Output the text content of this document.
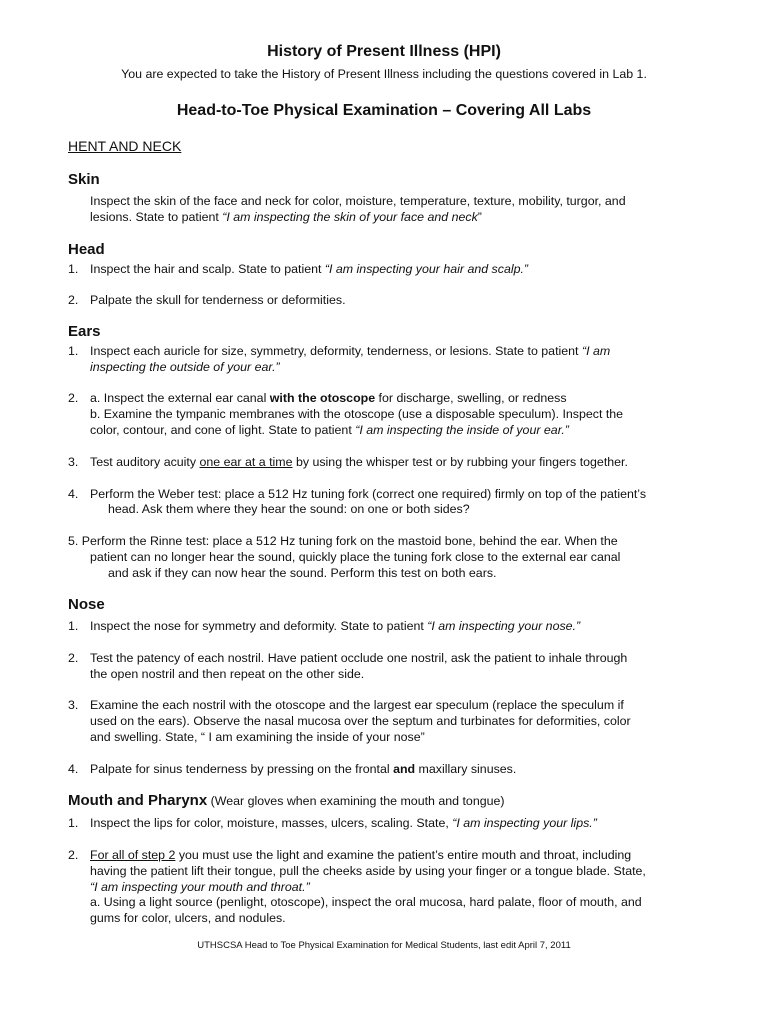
History of Present Illness (HPI)
You are expected to take the History of Present Illness including the questions covered in Lab 1.
Head-to-Toe Physical Examination – Covering All Labs
HENT AND NECK
Skin
Inspect the skin of the face and neck for color, moisture, temperature, texture, mobility, turgor, and
lesions. State to patient “I am inspecting the skin of your face and neck”
Head
1. Inspect the hair and scalp. State to patient “I am inspecting your hair and scalp.”
2. Palpate the skull for tenderness or deformities.
Ears
1. Inspect each auricle for size, symmetry, deformity, tenderness, or lesions. State to patient “I am
inspecting the outside of your ear.”
2. a. Inspect the external ear canal with the otoscope for discharge, swelling, or redness
b. Examine the tympanic membranes with the otoscope (use a disposable speculum). Inspect the
color, contour, and cone of light. State to patient “I am inspecting the inside of your ear.”
3. Test auditory acuity one ear at a time by using the whisper test or by rubbing your fingers together.
4. Perform the Weber test: place a 512 Hz tuning fork (correct one required) firmly on top of the patient’s
head. Ask them where they hear the sound: on one or both sides?
5. Perform the Rinne test: place a 512 Hz tuning fork on the mastoid bone, behind the ear. When the
patient can no longer hear the sound, quickly place the tuning fork close to the external ear canal
and ask if they can now hear the sound. Perform this test on both ears.
Nose
1. Inspect the nose for symmetry and deformity. State to patient “I am inspecting your nose.”
2. Test the patency of each nostril. Have patient occlude one nostril, ask the patient to inhale through
the open nostril and then repeat on the other side.
3. Examine the each nostril with the otoscope and the largest ear speculum (replace the speculum if
used on the ears). Observe the nasal mucosa over the septum and turbinates for deformities, color
and swelling. State, “ I am examining the inside of your nose”
4. Palpate for sinus tenderness by pressing on the frontal and maxillary sinuses.
Mouth and Pharynx (Wear gloves when examining the mouth and tongue)
1. Inspect the lips for color, moisture, masses, ulcers, scaling. State, “I am inspecting your lips.”
2. For all of step 2 you must use the light and examine the patient’s entire mouth and throat, including
having the patient lift their tongue, pull the cheeks aside by using your finger or a tongue blade. State,
“I am inspecting your mouth and throat.”
a. Using a light source (penlight, otoscope), inspect the oral mucosa, hard palate, floor of mouth, and
gums for color, ulcers, and nodules.
UTHSCSA Head to Toe Physical Examination for Medical Students, last edit April 7, 2011
